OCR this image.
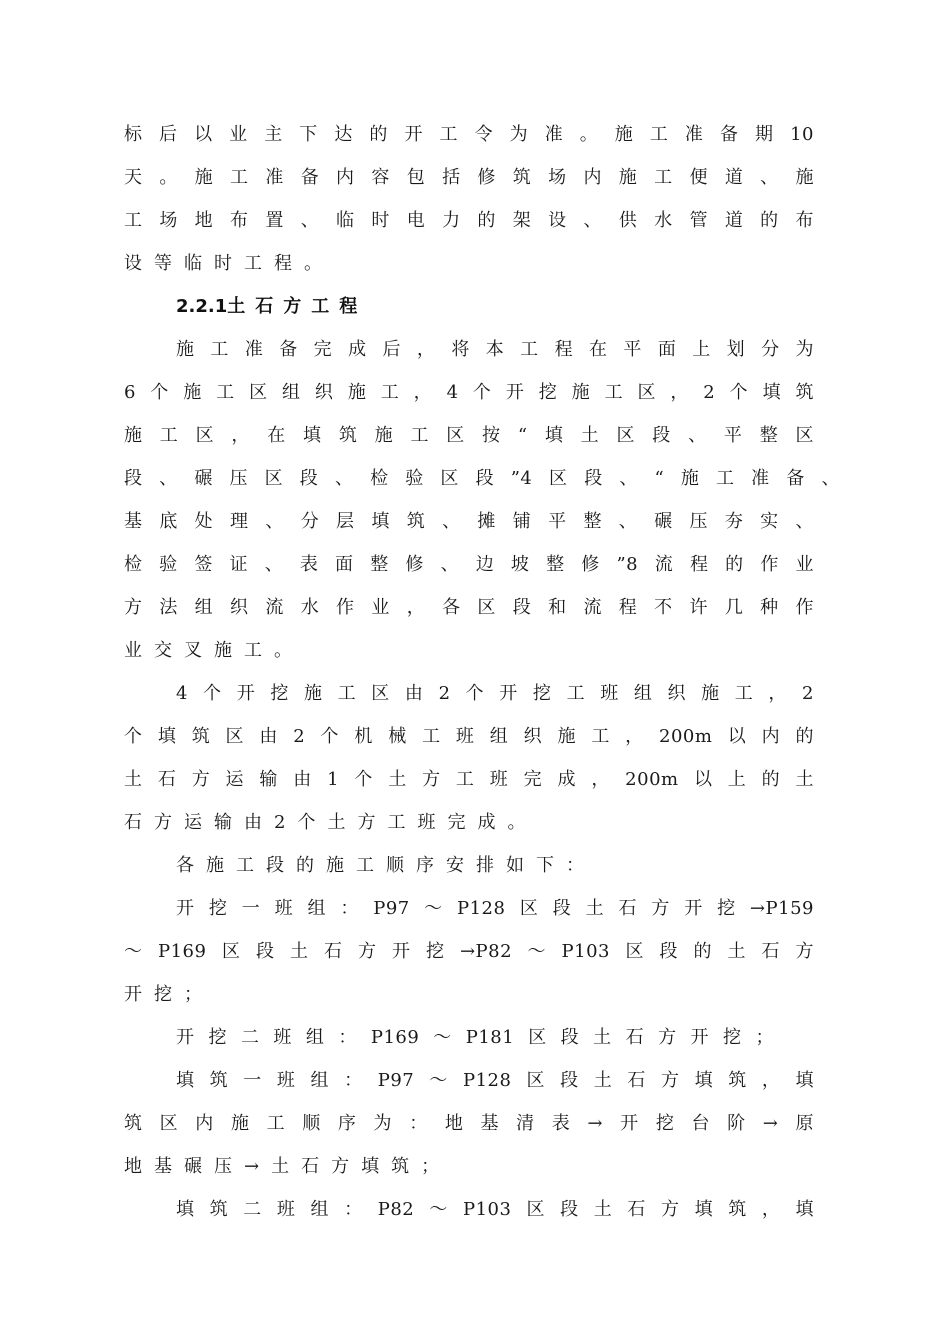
标后以业主下达的开工令为准。施工准备期10
天。施工准备内容包括修筑场内施工便道、施
工场地布置、临时电力的架设、供水管道的布
设等临时工程。
2.2.1土石方工程
施工准备完成后，将本工程在平面上划分为
6个施工区组织施工，4个开挖施工区，2个填筑
施工区，在填筑施工区按“填土区段、平整区
段、碾压区段、检验区段”4区段、“施工准备、
基底处理、分层填筑、摊铺平整、碾压夯实、
检验签证、表面整修、边坡整修”8流程的作业
方法组织流水作业，各区段和流程不许几种作
业交叉施工。
4个开挖施工区由2个开挖工班组织施工，2
个填筑区由2个机械工班组织施工，200m以内的
土石方运输由1个土方工班完成，200m以上的土
石方运输由2个土方工班完成。
各施工段的施工顺序安排如下：
开挖一班组：P97～P128区段土石方开挖→P159
～P169区段土石方开挖→P82～P103区段的土石方
开挖；
开挖二班组：P169～P181区段土石方开挖；
填筑一班组：P97～P128区段土石方填筑，填
筑区内施工顺序为：地基清表→开挖台阶→原
地基碾压→土石方填筑；
填筑二班组：P82～P103区段土石方填筑，填
